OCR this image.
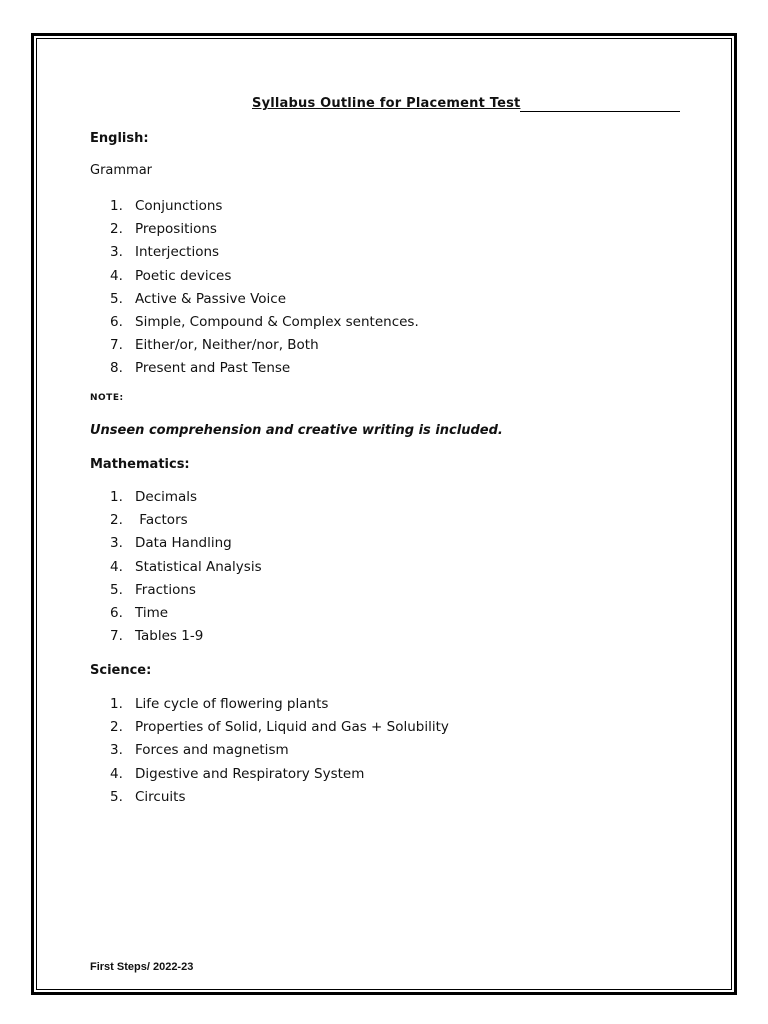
Syllabus Outline for Placement Test
English:
Grammar
1. Conjunctions
2. Prepositions
3. Interjections
4. Poetic devices
5. Active & Passive Voice
6. Simple, Compound & Complex sentences.
7. Either/or, Neither/nor, Both
8. Present and Past Tense
NOTE:
Unseen comprehension and creative writing is included.
Mathematics:
1. Decimals
2. Factors
3. Data Handling
4. Statistical Analysis
5. Fractions
6. Time
7. Tables 1-9
Science:
1. Life cycle of flowering plants
2. Properties of Solid, Liquid and Gas + Solubility
3. Forces and magnetism
4. Digestive and Respiratory System
5. Circuits
First Steps/ 2022-23
